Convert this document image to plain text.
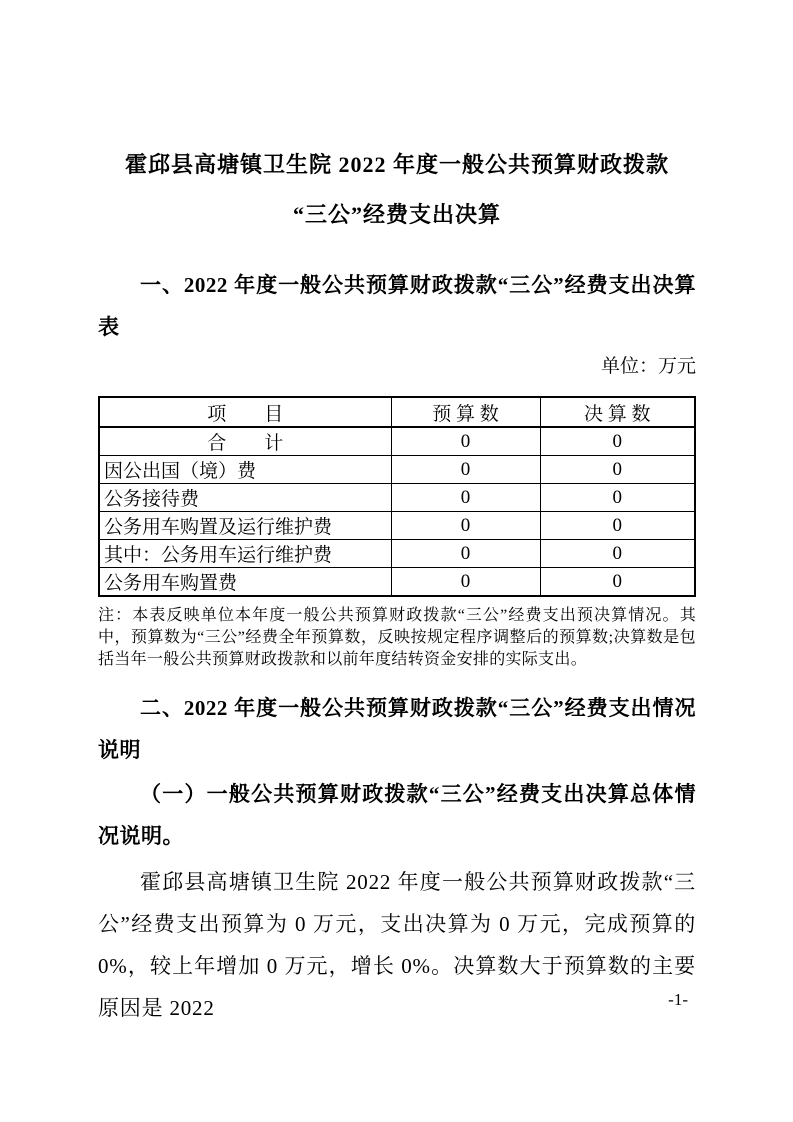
霍邱县高塘镇卫生院 2022 年度一般公共预算财政拨款
“三公”经费支出决算
一、2022 年度一般公共预算财政拨款“三公”经费支出决算表
单位：万元
项　　目	预 算 数	决 算 数
合　　计	0	0
因公出国（境）费	0	0
公务接待费	0	0
公务用车购置及运行维护费	0	0
其中：公务用车运行维护费	0	0
公务用车购置费	0	0
注：本表反映单位本年度一般公共预算财政拨款“三公”经费支出预决算情况。其中，预算数为“三公”经费全年预算数，反映按规定程序调整后的预算数;决算数是包括当年一般公共预算财政拨款和以前年度结转资金安排的实际支出。
二、2022 年度一般公共预算财政拨款“三公”经费支出情况说明
（一）一般公共预算财政拨款“三公”经费支出决算总体情况说明。
霍邱县高塘镇卫生院 2022 年度一般公共预算财政拨款“三公”经费支出预算为 0 万元，支出决算为 0 万元，完成预算的 0%，较上年增加 0 万元，增长 0%。决算数大于预算数的主要原因是 2022	-1-
